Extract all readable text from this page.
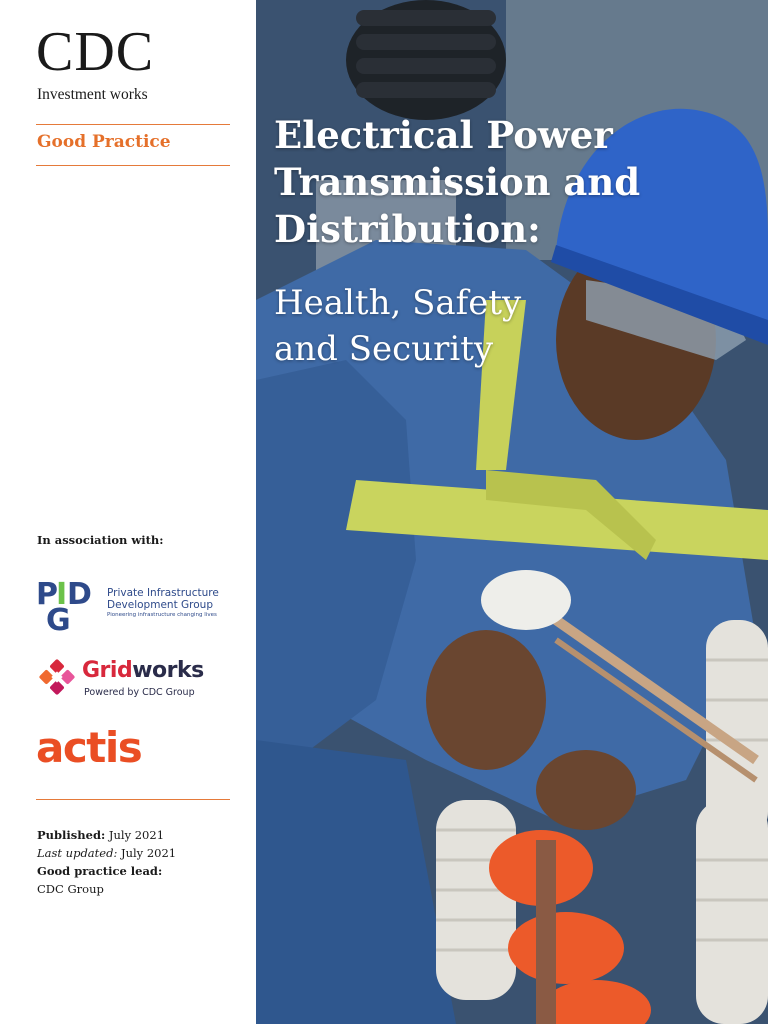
CDC
Investment works
Good Practice
In association with:
P
I D
G
Private Infrastructure Development Group
Pioneering infrastructure changing lives
Gridworks
Powered by CDC Group
actis
Published: July 2021
Last updated: July 2021
Good practice lead:
CDC Group
Electrical Power Transmission and Distribution:
Health, Safety and Security
